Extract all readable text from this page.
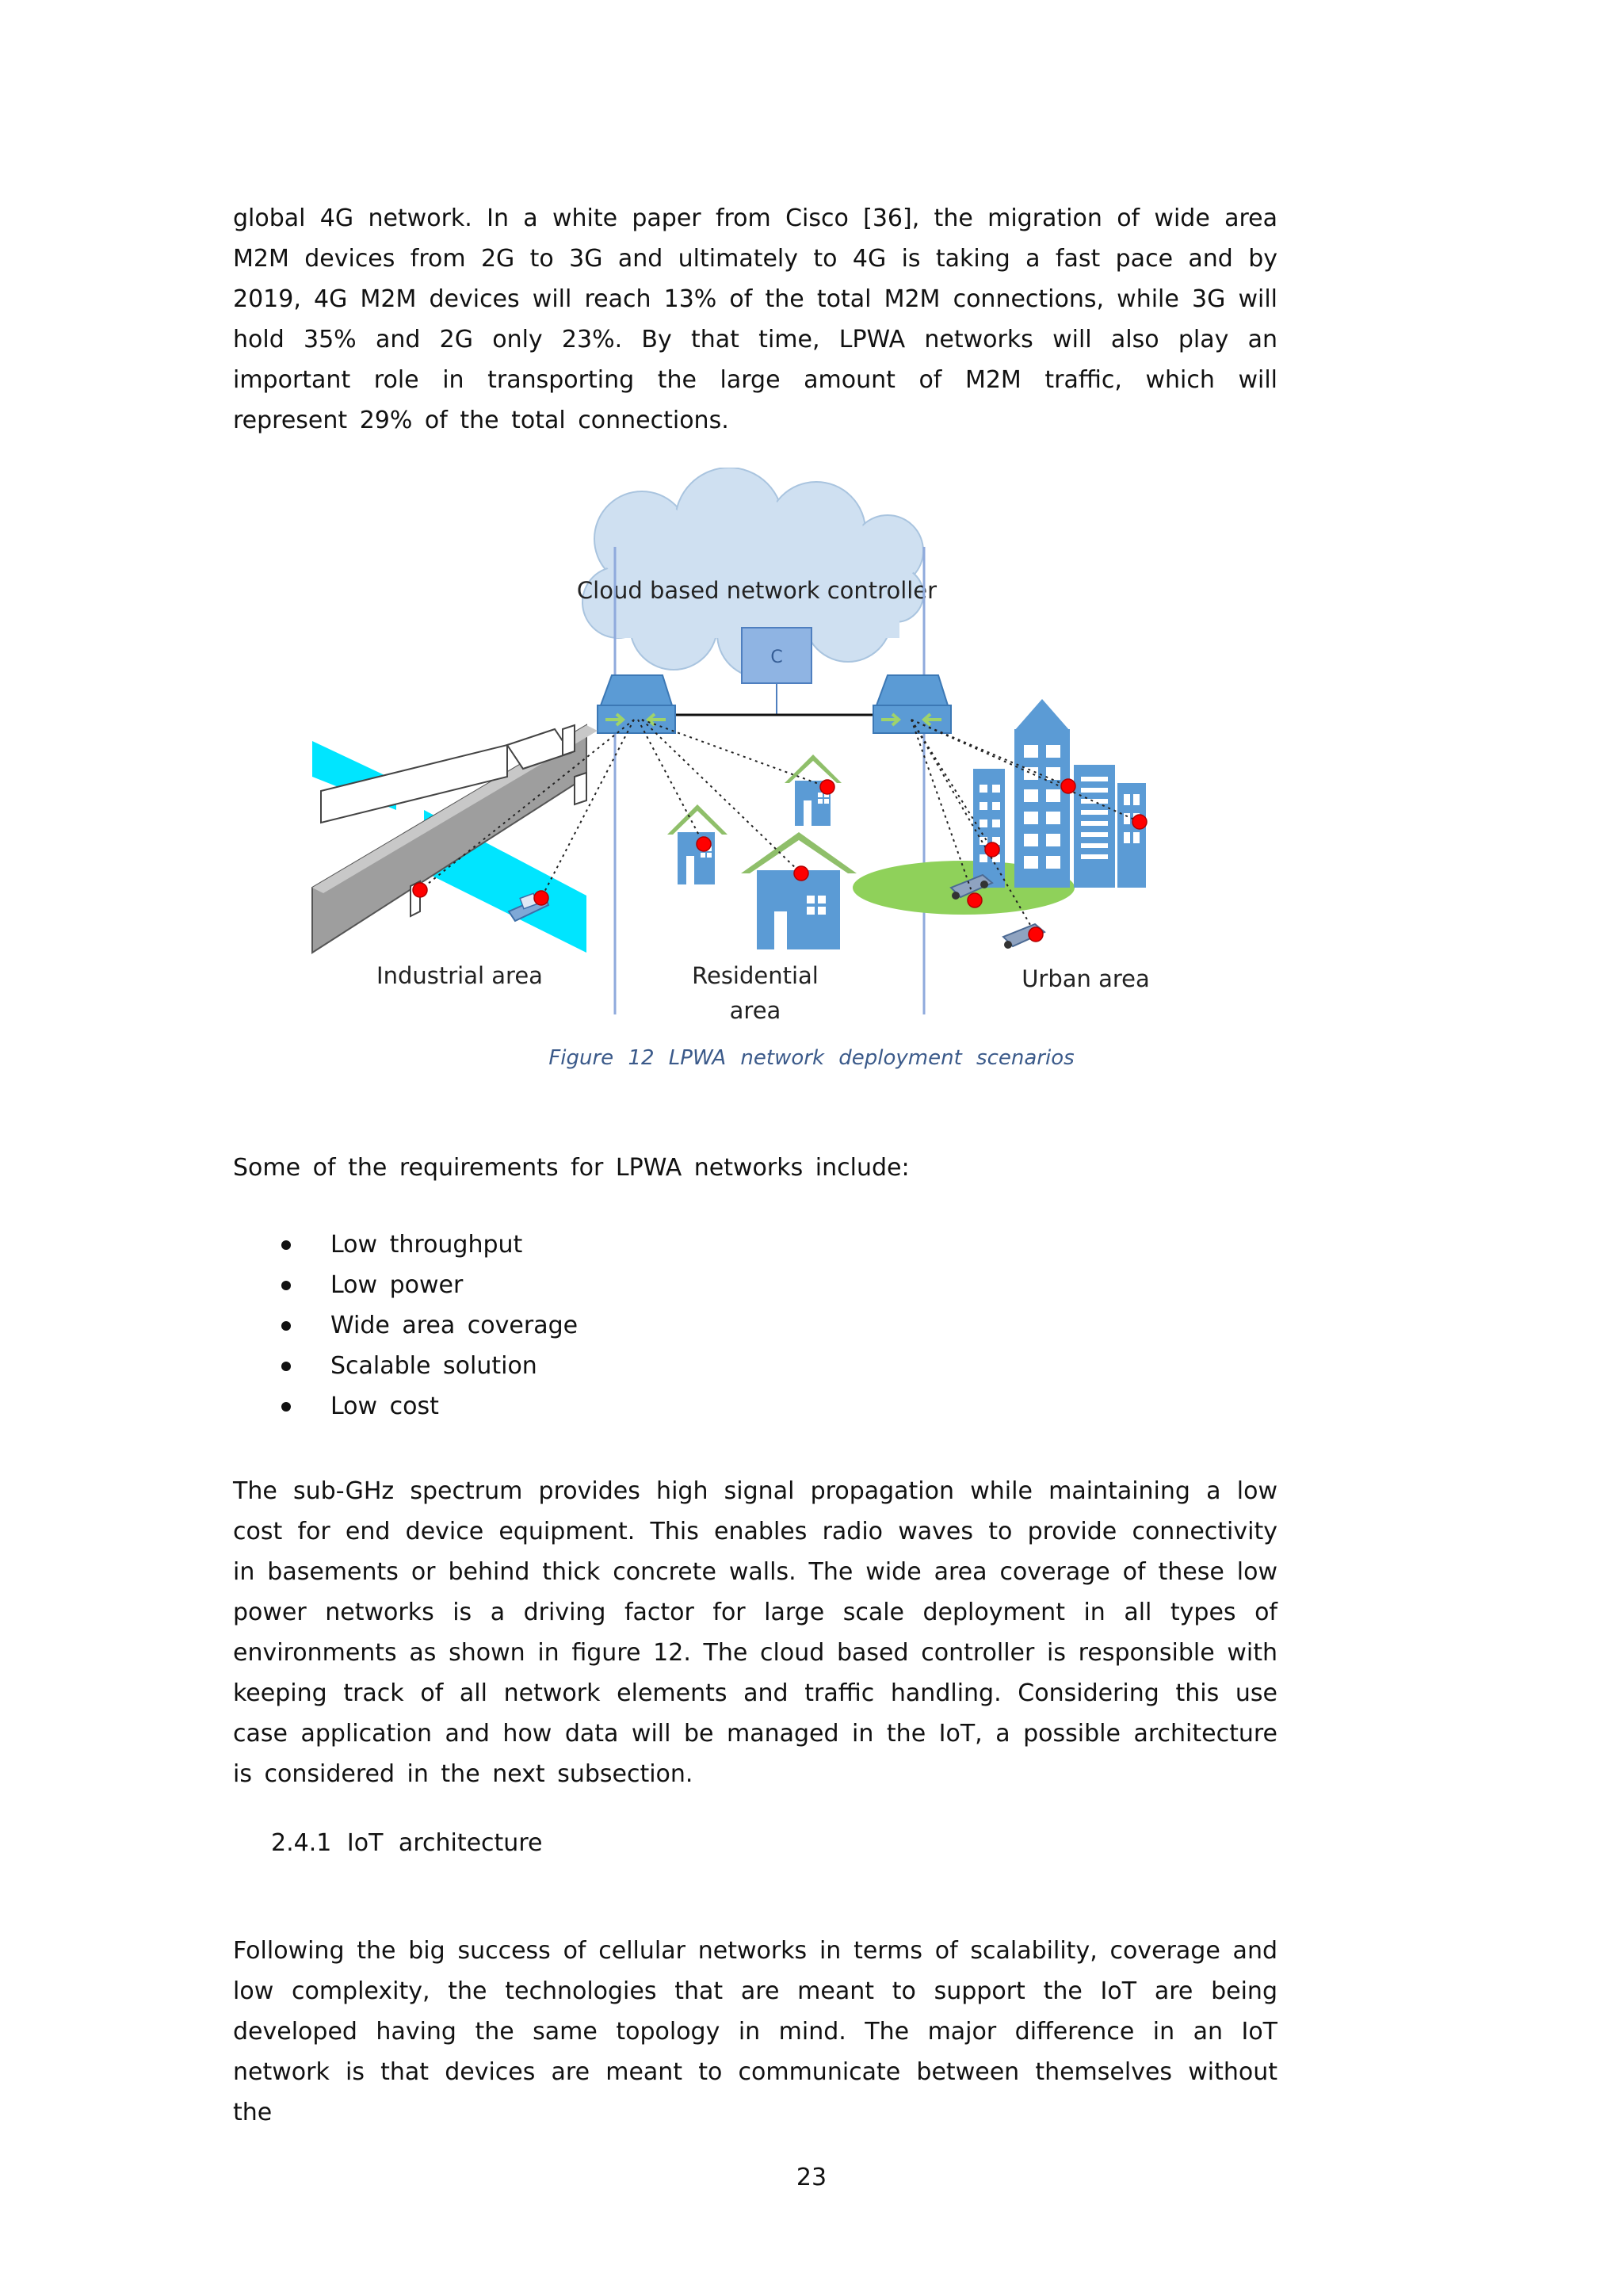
global 4G network. In a white paper from Cisco [36], the migration of wide area M2M devices from 2G to 3G and ultimately to 4G is taking a fast pace and by 2019, 4G M2M devices will reach 13% of the total M2M connections, while 3G will hold 35% and 2G only 23%. By that time, LPWA networks will also play an important role in transporting the large amount of M2M traffic, which will represent 29% of the total connections.
Cloud based network controller
C
Industrial area	Residential
area
Urban area
Figure 12 LPWA network deployment scenarios
Some of the requirements for LPWA networks include:
Low throughput
Low power
Wide area coverage
Scalable solution
Low cost
The sub-GHz spectrum provides high signal propagation while maintaining a low cost for end device equipment. This enables radio waves to provide connectivity in basements or behind thick concrete walls. The wide area coverage of these low power networks is a driving factor for large scale deployment in all types of environments as shown in figure 12. The cloud based controller is responsible with keeping track of all network elements and traffic handling. Considering this use case application and how data will be managed in the IoT, a possible architecture is considered in the next subsection.
2.4.1 IoT architecture
Following the big success of cellular networks in terms of scalability, coverage and low complexity, the technologies that are meant to support the IoT are being developed having the same topology in mind. The major difference in an IoT network is that devices are meant to communicate between themselves without the
23
